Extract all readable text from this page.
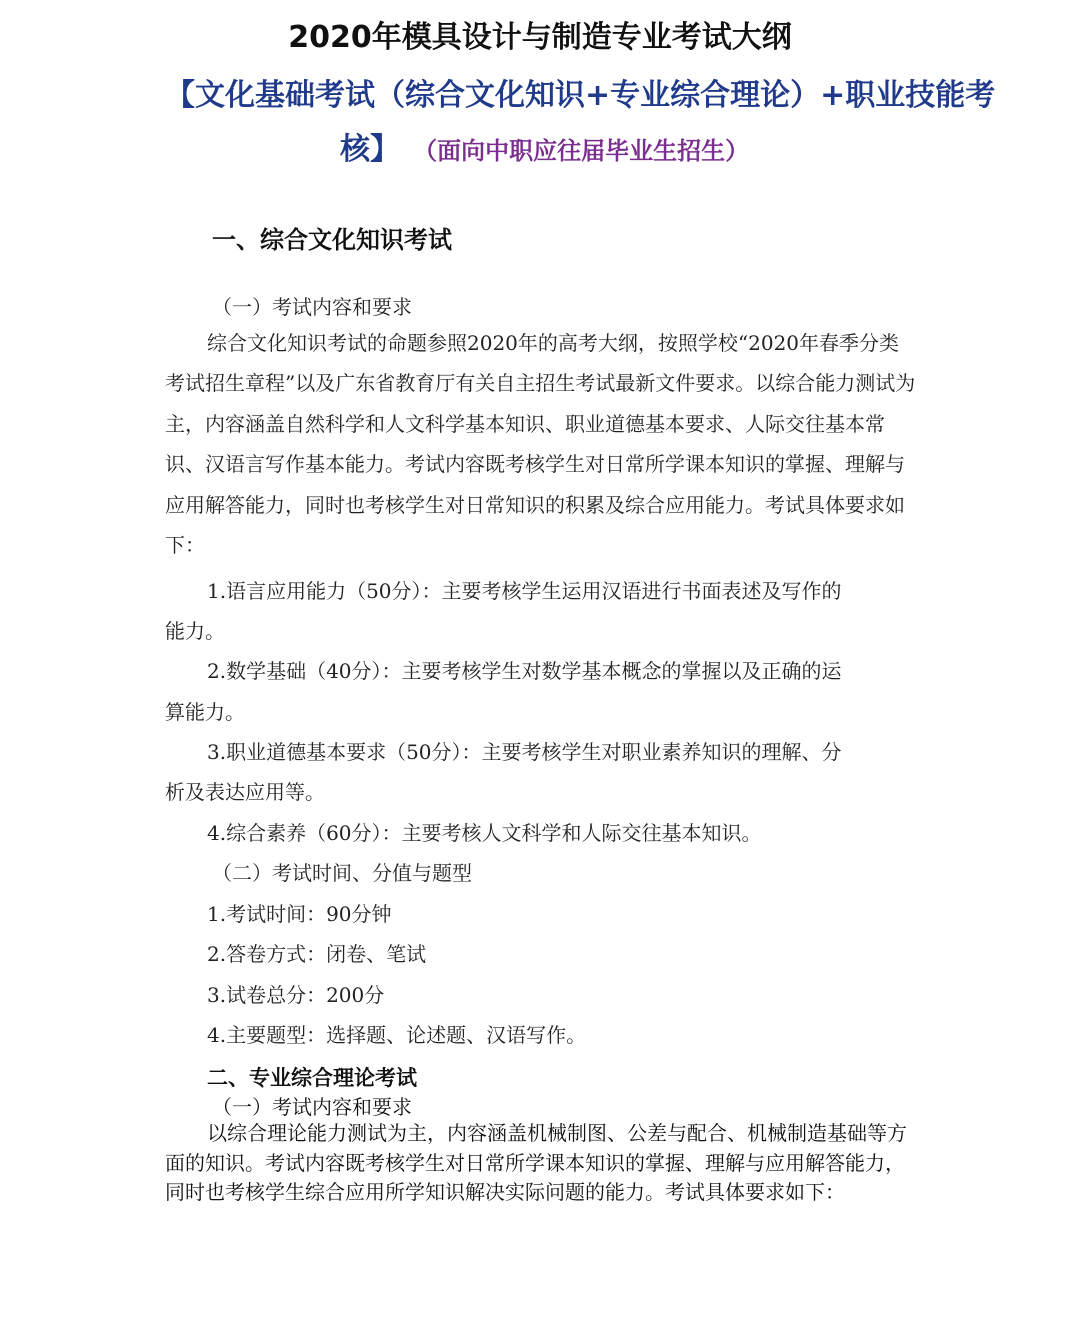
2020年模具设计与制造专业考试大纲
【文化基础考试（综合文化知识+专业综合理论）+职业技能考
核】 （面向中职应往届毕业生招生）
一、综合文化知识考试
（一）考试内容和要求
综合文化知识考试的命题参照2020年的高考大纲，按照学校“2020年春季分类考试招生章程”以及广东省教育厅有关自主招生考试最新文件要求。以综合能力测试为主，内容涵盖自然科学和人文科学基本知识、职业道德基本要求、人际交往基本常识、汉语言写作基本能力。考试内容既考核学生对日常所学课本知识的掌握、理解与应用解答能力，同时也考核学生对日常知识的积累及综合应用能力。考试具体要求如下：
1.语言应用能力（50分）：主要考核学生运用汉语进行书面表述及写作的
能力。
2.数学基础（40分）：主要考核学生对数学基本概念的掌握以及正确的运
算能力。
3.职业道德基本要求（50分）：主要考核学生对职业素养知识的理解、分
析及表达应用等。
4.综合素养（60分）：主要考核人文科学和人际交往基本知识。
（二）考试时间、分值与题型
1.考试时间：90分钟
2.答卷方式：闭卷、笔试
3.试卷总分：200分
4.主要题型：选择题、论述题、汉语写作。
二、专业综合理论考试
（一）考试内容和要求
以综合理论能力测试为主，内容涵盖机械制图、公差与配合、机械制造基础等方面的知识。考试内容既考核学生对日常所学课本知识的掌握、理解与应用解答能力，同时也考核学生综合应用所学知识解决实际问题的能力。考试具体要求如下：
